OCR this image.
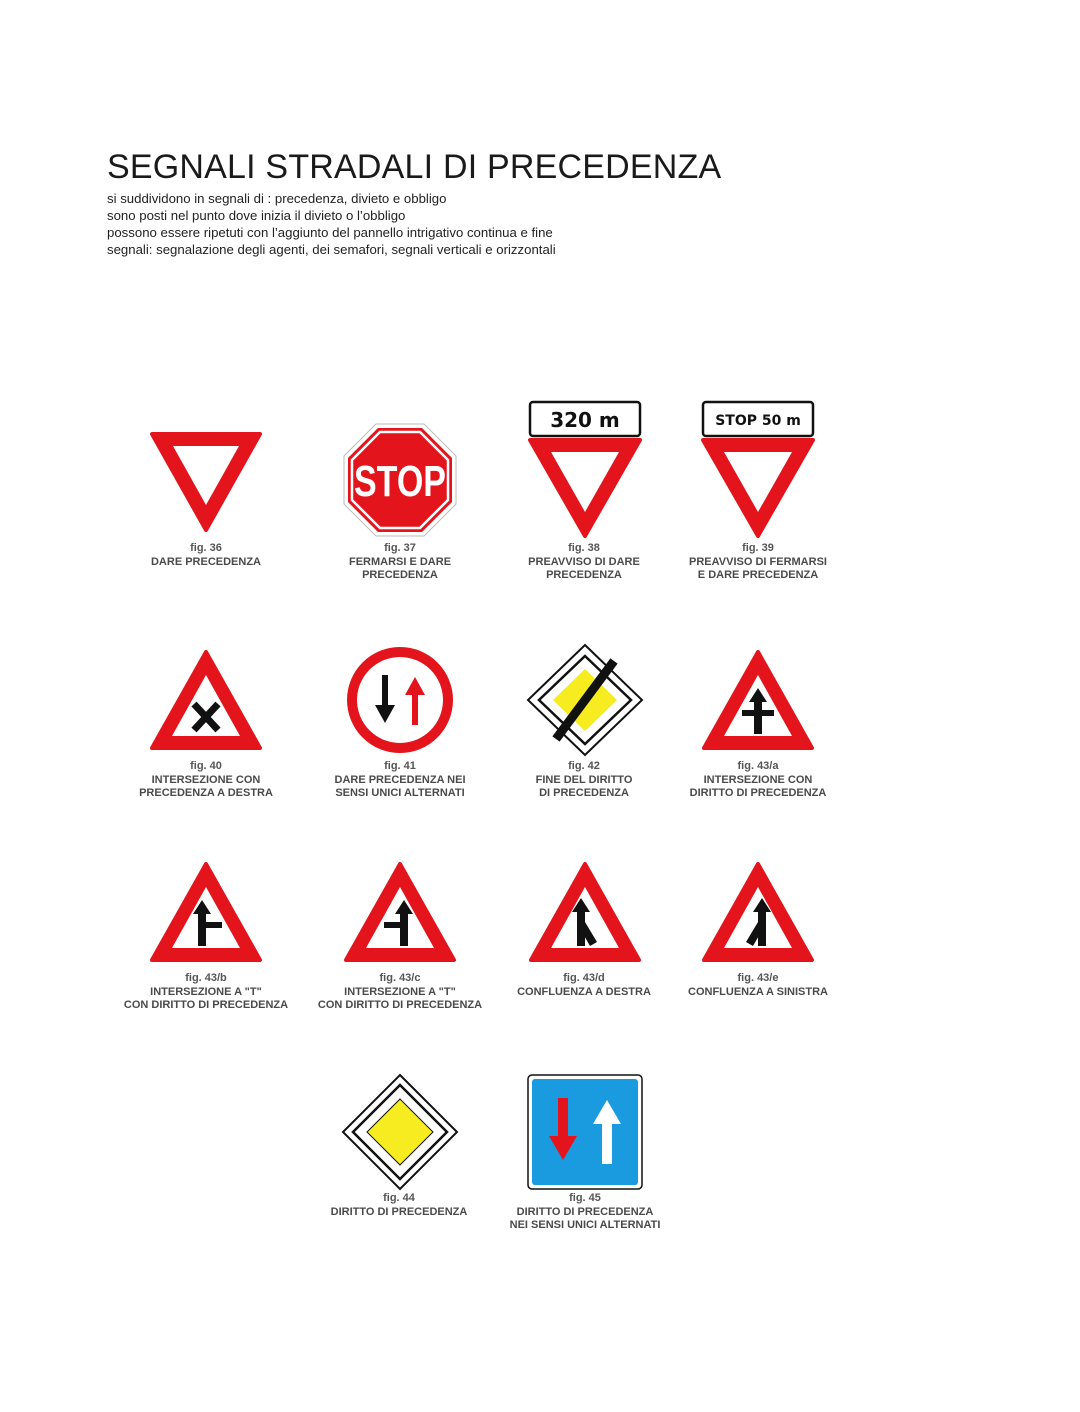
SEGNALI STRADALI DI PRECEDENZA
si suddividono in segnali di : precedenza, divieto e obbligo
sono posti nel punto dove inizia il divieto o l’obbligo
possono essere ripetuti con l’aggiunto del pannello intrigativo continua e fine
segnali: segnalazione degli agenti, dei semafori, segnali verticali e orizzontali
fig. 36
DARE PRECEDENZA
STOP
fig. 37
FERMARSI E DARE
PRECEDENZA
320 m
fig. 38
PREAVVISO DI DARE
PRECEDENZA
STOP 50 m
fig. 39
PREAVVISO DI FERMARSI
E DARE PRECEDENZA
fig. 40
INTERSEZIONE CON
PRECEDENZA A DESTRA
fig. 41
DARE PRECEDENZA NEI
SENSI UNICI ALTERNATI
fig. 42
FINE DEL DIRITTO
DI PRECEDENZA
fig. 43/a
INTERSEZIONE CON
DIRITTO DI PRECEDENZA
fig. 43/b
INTERSEZIONE A "T"
CON DIRITTO DI PRECEDENZA
fig. 43/c
INTERSEZIONE A "T"
CON DIRITTO DI PRECEDENZA
fig. 43/d
CONFLUENZA A DESTRA
fig. 43/e
CONFLUENZA A SINISTRA
fig. 44
DIRITTO DI PRECEDENZA
fig. 45
DIRITTO DI PRECEDENZA
NEI SENSI UNICI ALTERNATI
